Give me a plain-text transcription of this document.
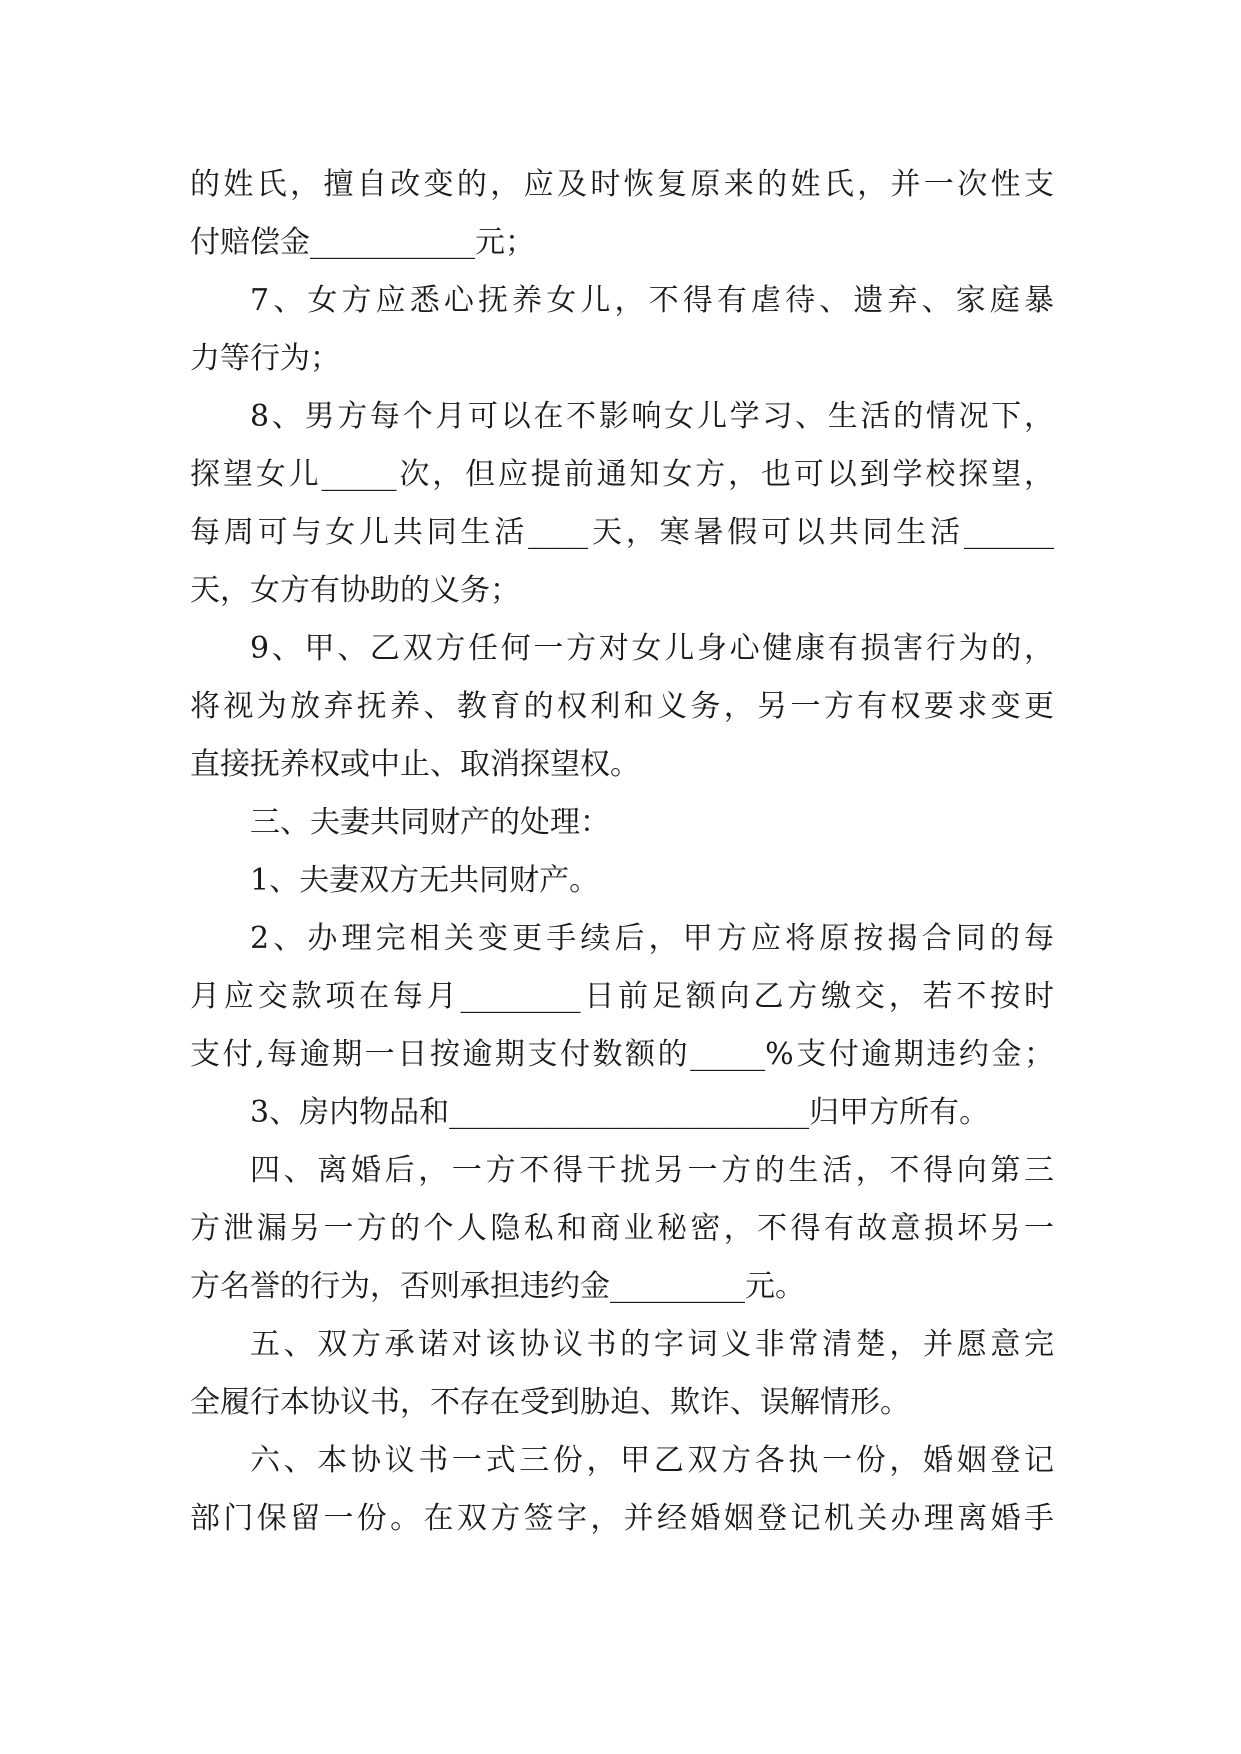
的姓氏，擅自改变的，应及时恢复原来的姓氏，并一次性支
付赔偿金___________元；
7、女方应悉心抚养女儿，不得有虐待、遗弃、家庭暴
力等行为；
8、男方每个月可以在不影响女儿学习、生活的情况下，
探望女儿_____次，但应提前通知女方，也可以到学校探望，
每周可与女儿共同生活____天，寒暑假可以共同生活______
天，女方有协助的义务；
9、甲、乙双方任何一方对女儿身心健康有损害行为的，
将视为放弃抚养、教育的权利和义务，另一方有权要求变更
直接抚养权或中止、取消探望权。
三、夫妻共同财产的处理：
1、夫妻双方无共同财产。
2、办理完相关变更手续后，甲方应将原按揭合同的每
月应交款项在每月________日前足额向乙方缴交，若不按时
支付,每逾期一日按逾期支付数额的_____%支付逾期违约金；
3、房内物品和________________________归甲方所有。
四、离婚后，一方不得干扰另一方的生活，不得向第三
方泄漏另一方的个人隐私和商业秘密，不得有故意损坏另一
方名誉的行为，否则承担违约金_________元。
五、双方承诺对该协议书的字词义非常清楚，并愿意完
全履行本协议书，不存在受到胁迫、欺诈、误解情形。
六、本协议书一式三份，甲乙双方各执一份，婚姻登记
部门保留一份。在双方签字，并经婚姻登记机关办理离婚手
